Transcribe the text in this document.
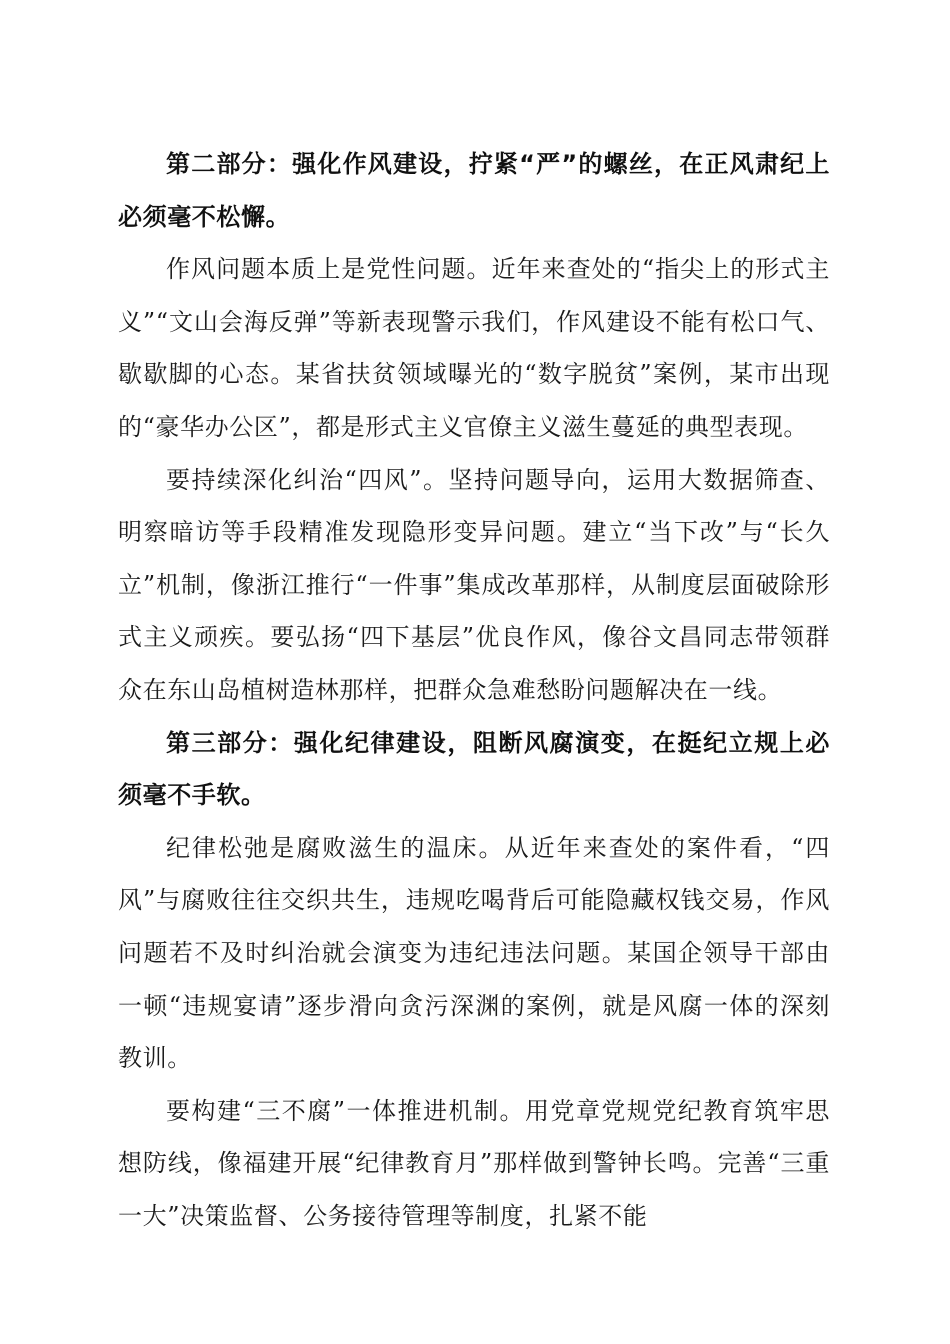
第二部分：强化作风建设，拧紧“严”的螺丝，在正风肃纪上必须毫不松懈。

作风问题本质上是党性问题。近年来查处的“指尖上的形式主义”“文山会海反弹”等新表现警示我们，作风建设不能有松口气、歇歇脚的心态。某省扶贫领域曝光的“数字脱贫”案例，某市出现的“豪华办公区”，都是形式主义官僚主义滋生蔓延的典型表现。

要持续深化纠治“四风”。坚持问题导向，运用大数据筛查、明察暗访等手段精准发现隐形变异问题。建立“当下改”与“长久立”机制，像浙江推行“一件事”集成改革那样，从制度层面破除形式主义顽疾。要弘扬“四下基层”优良作风，像谷文昌同志带领群众在东山岛植树造林那样，把群众急难愁盼问题解决在一线。

第三部分：强化纪律建设，阻断风腐演变，在挺纪立规上必须毫不手软。

纪律松弛是腐败滋生的温床。从近年来查处的案件看，“四风”与腐败往往交织共生，违规吃喝背后可能隐藏权钱交易，作风问题若不及时纠治就会演变为违纪违法问题。某国企领导干部由一顿“违规宴请”逐步滑向贪污深渊的案例，就是风腐一体的深刻教训。

要构建“三不腐”一体推进机制。用党章党规党纪教育筑牢思想防线，像福建开展“纪律教育月”那样做到警钟长鸣。完善“三重一大”决策监督、公务接待管理等制度，扎紧不能
